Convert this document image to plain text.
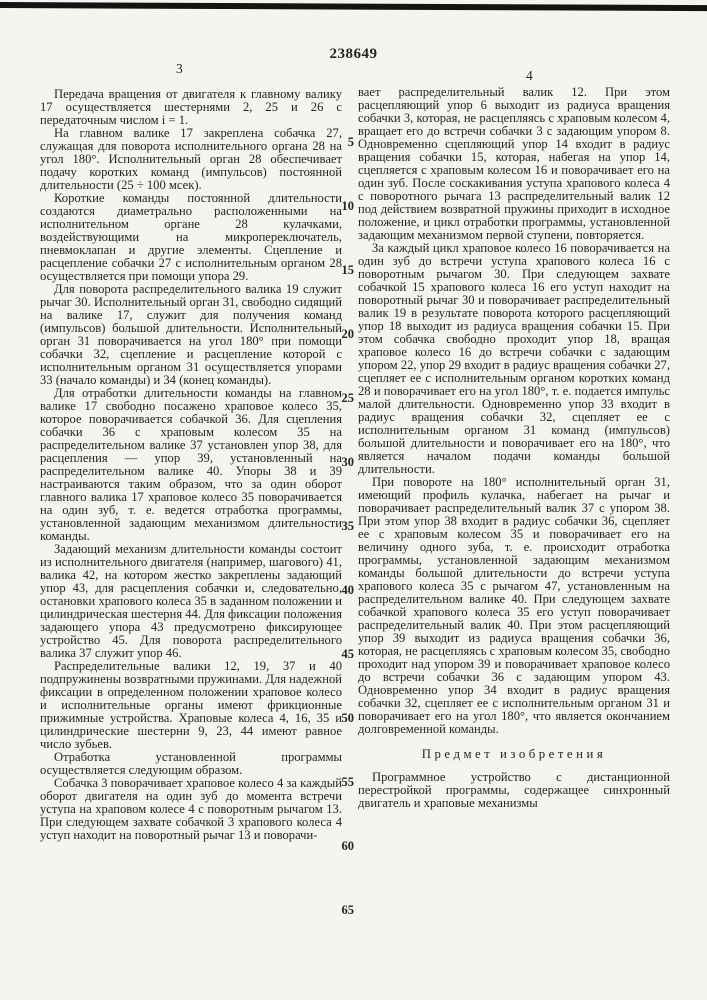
238649
3	4
5
10
15
20
25
30
35
40
45
50
55
60
65

Передача вращения от двигателя к главному валику 17 осуществляется шестернями 2, 25 и 26 с передаточным числом i = 1.

На главном валике 17 закреплена собачка 27, служащая для поворота исполнительного органа 28 на угол 180°. Исполнительный орган 28 обеспечивает подачу коротких команд (импульсов) постоянной длительности (25 ÷ 100 мсек).

Короткие команды постоянной длительности создаются диаметрально расположенными на исполнительном органе 28 кулачками, воздействующими на микропереключатель, пневмоклапан и другие элементы. Сцепление и расцепление собачки 27 с исполнительным органом 28 осуществляется при помощи упора 29.

Для поворота распределительного валика 19 служит рычаг 30. Исполнительный орган 31, свободно сидящий на валике 17, служит для получения команд (импульсов) большой длительности. Исполнительный орган 31 поворачивается на угол 180° при помощи собачки 32, сцепление и расцепление которой с исполнительным органом 31 осуществляется упорами 33 (начало команды) и 34 (конец команды).

Для отработки длительности команды на главном валике 17 свободно посажено храповое колесо 35, которое поворачивается собачкой 36. Для сцепления собачки 36 с храповым колесом 35 на распределительном валике 37 установлен упор 38, для расцепления — упор 39, установленный на распределительном валике 40. Упоры 38 и 39 настраиваются таким образом, что за один оборот главного валика 17 храповое колесо 35 поворачивается на один зуб, т. е. ведется отработка программы, установленной задающим механизмом длительности команды.

Задающий механизм длительности команды состоит из исполнительного двигателя (например, шагового) 41, валика 42, на котором жестко закреплены задающий упор 43, для расцепления собачки и, следовательно, остановки храпового колеса 35 в заданном положении и цилиндрическая шестерня 44. Для фиксации положения задающего упора 43 предусмотрено фиксирующее устройство 45. Для поворота распределительного валика 37 служит упор 46.

Распределительные валики 12, 19, 37 и 40 подпружинены возвратными пружинами. Для надежной фиксации в определенном положении храповое колесо и исполнительные органы имеют фрикционные прижимные устройства. Храповые колеса 4, 16, 35 и цилиндрические шестерни 9, 23, 44 имеют равное число зубьев.

Отработка установленной программы осуществляется следующим образом.

Собачка 3 поворачивает храповое колесо 4 за каждый оборот двигателя на один зуб до момента встречи уступа на храповом колесе 4 с поворотным рычагом 13. При следующем захвате собачкой 3 храпового колеса 4 уступ находит на поворотный рычаг 13 и поворачи-

вает распределительный валик 12. При этом расцепляющий упор 6 выходит из радиуса вращения собачки 3, которая, не расцепляясь с храповым колесом 4, вращает его до встречи собачки 3 с задающим упором 8. Одновременно сцепляющий упор 14 входит в радиус вращения собачки 15, которая, набегая на упор 14, сцепляется с храповым колесом 16 и поворачивает его на один зуб. После соскакивания уступа храпового колеса 4 с поворотного рычага 13 распределительный валик 12 под действием возвратной пружины приходит в исходное положение, и цикл отработки программы, установленной задающим механизмом первой ступени, повторяется.

За каждый цикл храповое колесо 16 поворачивается на один зуб до встречи уступа храпового колеса 16 с поворотным рычагом 30. При следующем захвате собачкой 15 храпового колеса 16 его уступ находит на поворотный рычаг 30 и поворачивает распределительный валик 19 в результате поворота которого расцепляющий упор 18 выходит из радиуса вращения собачки 15. При этом собачка свободно проходит упор 18, вращая храповое колесо 16 до встречи собачки с задающим упором 22, упор 29 входит в радиус вращения собачки 27, сцепляет ее с исполнительным органом коротких команд 28 и поворачивает его на угол 180°, т. е. подается импульс малой длительности. Одновременно упор 33 входит в радиус вращения собачки 32, сцепляет ее с исполнительным органом 31 команд (импульсов) большой длительности и поворачивает его на 180°, что является началом подачи команды большой длительности.

При повороте на 180° исполнительный орган 31, имеющий профиль кулачка, набегает на рычаг и поворачивает распределительный валик 37 с упором 38. При этом упор 38 входит в радиус собачки 36, сцепляет ее с храповым колесом 35 и поворачивает его на величину одного зуба, т. е. происходит отработка программы, установленной задающим механизмом команды большой длительности до встречи уступа храпового колеса 35 с рычагом 47, установленным на распределительном валике 40. При следующем захвате собачкой храпового колеса 35 его уступ поворачивает распределительный валик 40. При этом расцепляющий упор 39 выходит из радиуса вращения собачки 36, которая, не расцепляясь с храповым колесом 35, свободно проходит над упором 39 и поворачивает храповое колесо до встречи собачки 36 с задающим упором 43. Одновременно упор 34 входит в радиус вращения собачки 32, сцепляет ее с исполнительным органом 31 и поворачивает его на угол 180°, что является окончанием долговременной команды.

Предмет изобретения

Программное устройство с дистанционной перестройкой программы, содержащее синхронный двигатель и храповые механизмы
